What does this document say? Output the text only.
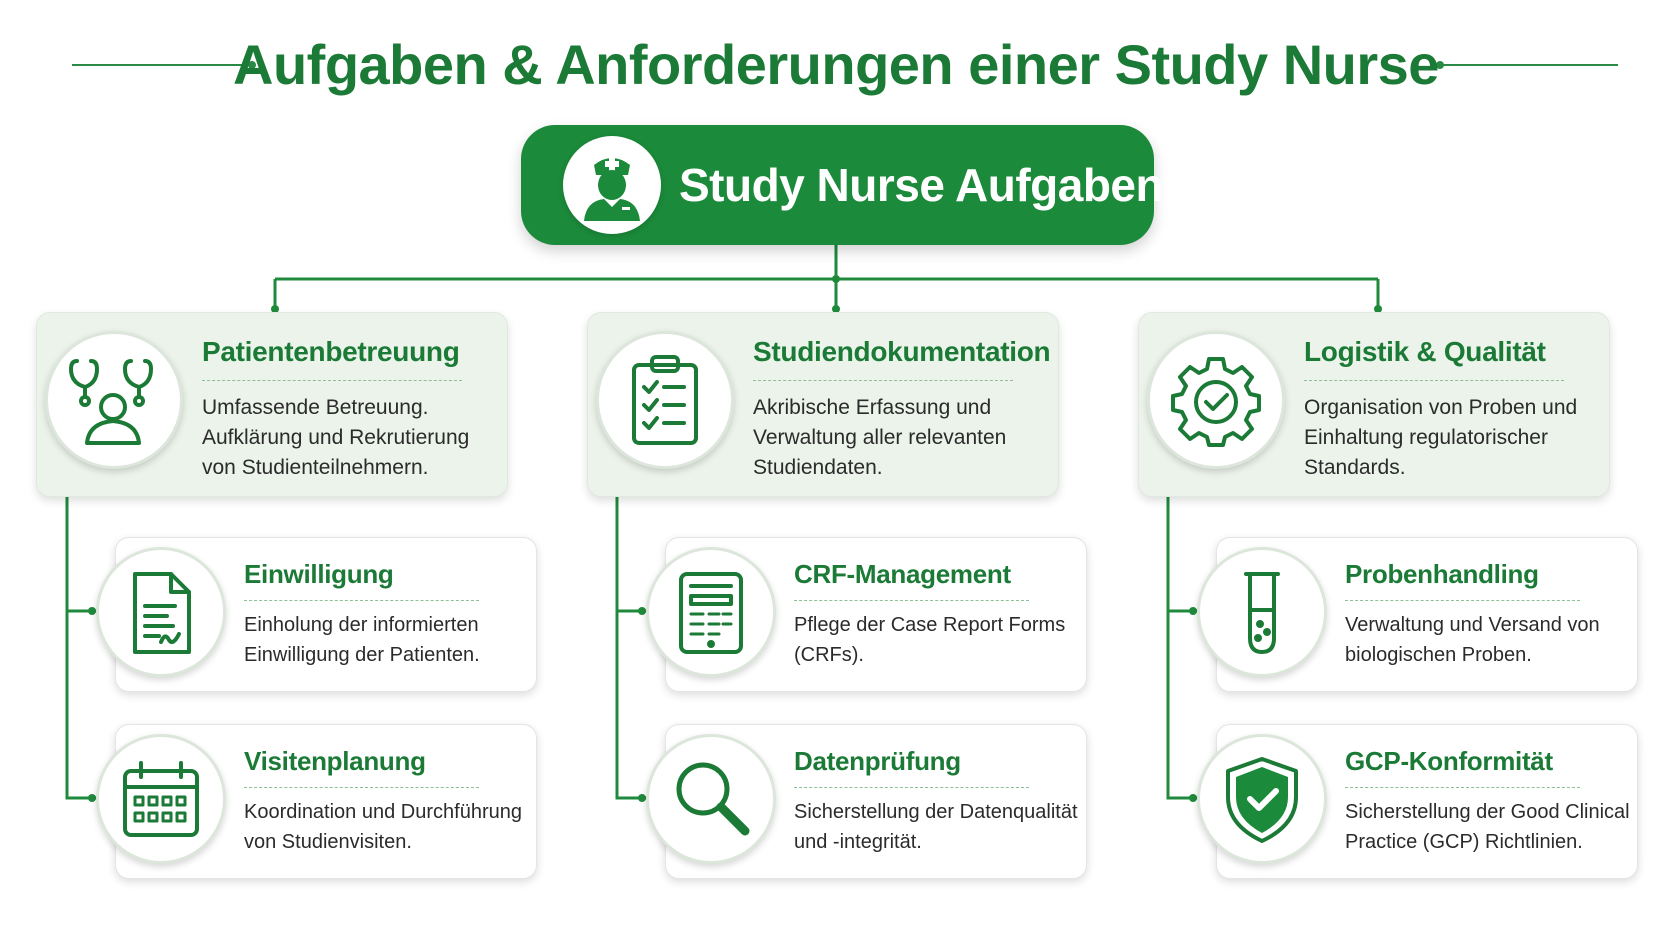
Aufgaben & Anforderungen einer Study Nurse
Study Nurse Aufgaben
Patientenbetreuung
Umfassende Betreuung. Aufklärung und Rekrutierung von Studienteilnehmern.
Einwilligung
Einholung der informierten Einwilligung der Patienten.
Visitenplanung
Koordination und Durchführung von Studienvisiten.
Studiendokumentation
Akribische Erfassung und Verwaltung aller relevanten Studiendaten.
CRF-Management
Pflege der Case Report Forms (CRFs).
Datenprüfung
Sicherstellung der Datenqualität und -integrität.
Logistik & Qualität
Organisation von Proben und Einhaltung regulatorischer Standards.
Probenhandling
Verwaltung und Versand von biologischen Proben.
GCP-Konformität
Sicherstellung der Good Clinical Practice (GCP) Richtlinien.
